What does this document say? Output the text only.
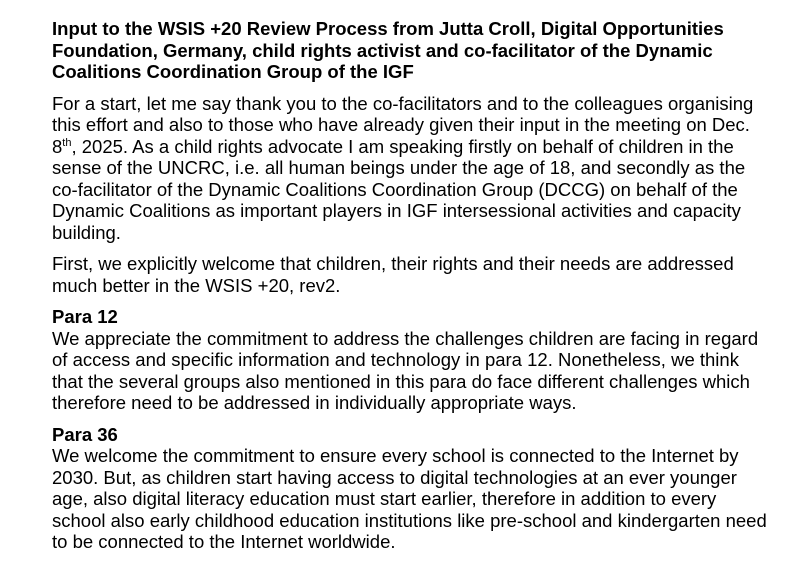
Input to the WSIS +20 Review Process from Jutta Croll, Digital Opportunities Foundation, Germany, child rights activist and co-facilitator of the Dynamic Coalitions Coordination Group of the IGF

For a start, let me say thank you to the co-facilitators and to the colleagues organising this effort and also to those who have already given their input in the meeting on Dec. 8th, 2025. As a child rights advocate I am speaking firstly on behalf of children in the sense of the UNCRC, i.e. all human beings under the age of 18, and secondly as the co-facilitator of the Dynamic Coalitions Coordination Group (DCCG) on behalf of the Dynamic Coalitions as important players in IGF intersessional activities and capacity building.

First, we explicitly welcome that children, their rights and their needs are addressed much better in the WSIS +20, rev2.

Para 12

We appreciate the commitment to address the challenges children are facing in regard of access and specific information and technology in para 12. Nonetheless, we think that the several groups also mentioned in this para do face different challenges which therefore need to be addressed in individually appropriate ways.

Para 36

We welcome the commitment to ensure every school is connected to the Internet by 2030. But, as children start having access to digital technologies at an ever younger age, also digital literacy education must start earlier, therefore in addition to every school also early childhood education institutions like pre-school and kindergarten need to be connected to the Internet worldwide.
